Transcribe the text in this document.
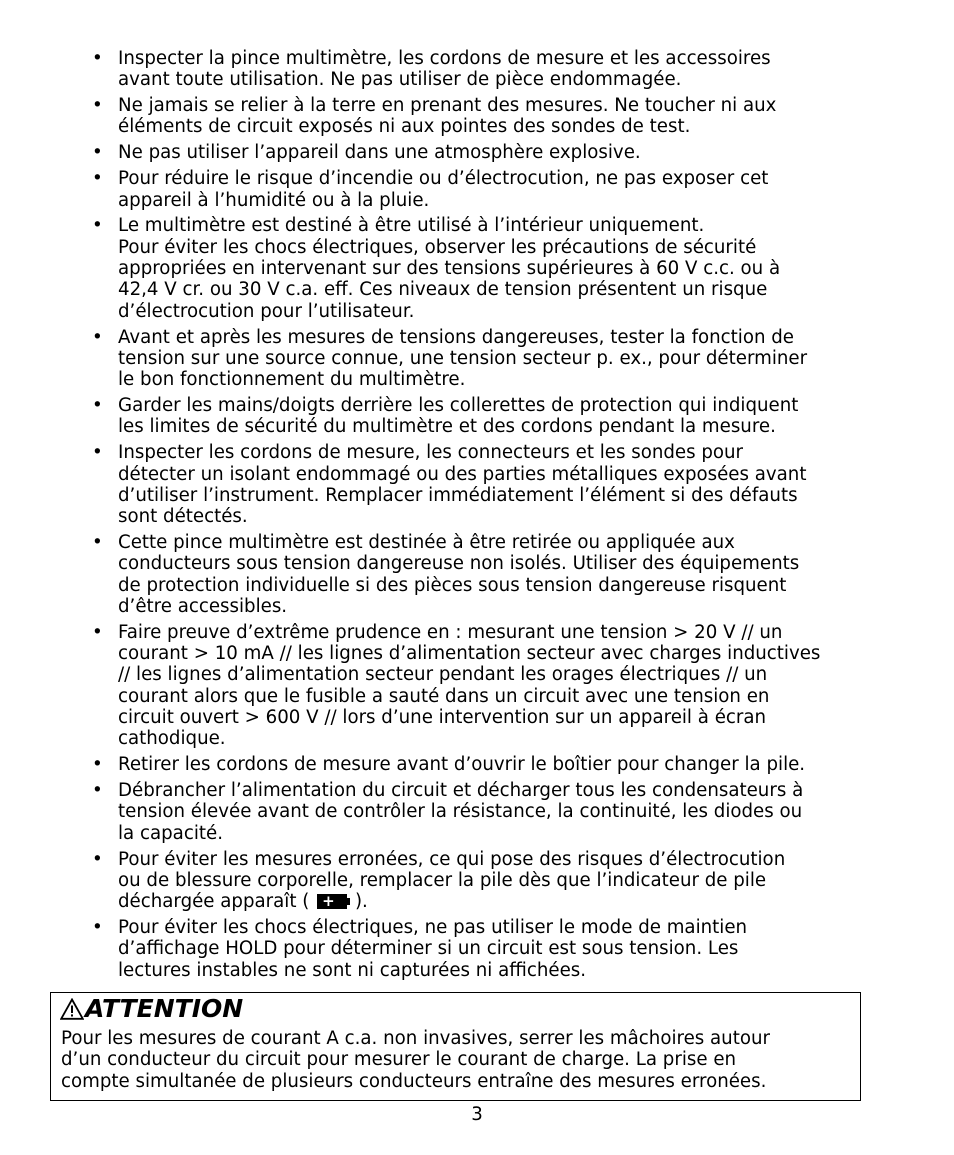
• Inspecter la pince multimètre, les cordons de mesure et les accessoires
avant toute utilisation. Ne pas utiliser de pièce endommagée.
• Ne jamais se relier à la terre en prenant des mesures. Ne toucher ni aux
éléments de circuit exposés ni aux pointes des sondes de test.
• Ne pas utiliser l’appareil dans une atmosphère explosive.
• Pour réduire le risque d’incendie ou d’électrocution, ne pas exposer cet
appareil à l’humidité ou à la pluie.
• Le multimètre est destiné à être utilisé à l’intérieur uniquement.
Pour éviter les chocs électriques, observer les précautions de sécurité
appropriées en intervenant sur des tensions supérieures à 60 V c.c. ou à
42,4 V cr. ou 30 V c.a. eff. Ces niveaux de tension présentent un risque
d’électrocution pour l’utilisateur.
• Avant et après les mesures de tensions dangereuses, tester la fonction de
tension sur une source connue, une tension secteur p. ex., pour déterminer
le bon fonctionnement du multimètre.
• Garder les mains/doigts derrière les collerettes de protection qui indiquent
les limites de sécurité du multimètre et des cordons pendant la mesure.
• Inspecter les cordons de mesure, les connecteurs et les sondes pour
détecter un isolant endommagé ou des parties métalliques exposées avant
d’utiliser l’instrument. Remplacer immédiatement l’élément si des défauts
sont détectés.
• Cette pince multimètre est destinée à être retirée ou appliquée aux
conducteurs sous tension dangereuse non isolés. Utiliser des équipements
de protection individuelle si des pièces sous tension dangereuse risquent
d’être accessibles.
• Faire preuve d’extrême prudence en : mesurant une tension > 20 V // un
courant > 10 mA // les lignes d’alimentation secteur avec charges inductives
// les lignes d’alimentation secteur pendant les orages électriques // un
courant alors que le fusible a sauté dans un circuit avec une tension en
circuit ouvert > 600 V // lors d’une intervention sur un appareil à écran
cathodique.
• Retirer les cordons de mesure avant d’ouvrir le boîtier pour changer la pile.
• Débrancher l’alimentation du circuit et décharger tous les condensateurs à
tension élevée avant de contrôler la résistance, la continuité, les diodes ou
la capacité.
• Pour éviter les mesures erronées, ce qui pose des risques d’électrocution
ou de blessure corporelle, remplacer la pile dès que l’indicateur de pile
déchargée apparaît ( +	).
• Pour éviter les chocs électriques, ne pas utiliser le mode de maintien
d’affichage HOLD pour déterminer si un circuit est sous tension. Les
lectures instables ne sont ni capturées ni affichées.
ATTENTION
Pour les mesures de courant A c.a. non invasives, serrer les mâchoires autour
d’un conducteur du circuit pour mesurer le courant de charge. La prise en
compte simultanée de plusieurs conducteurs entraîne des mesures erronées.
3
